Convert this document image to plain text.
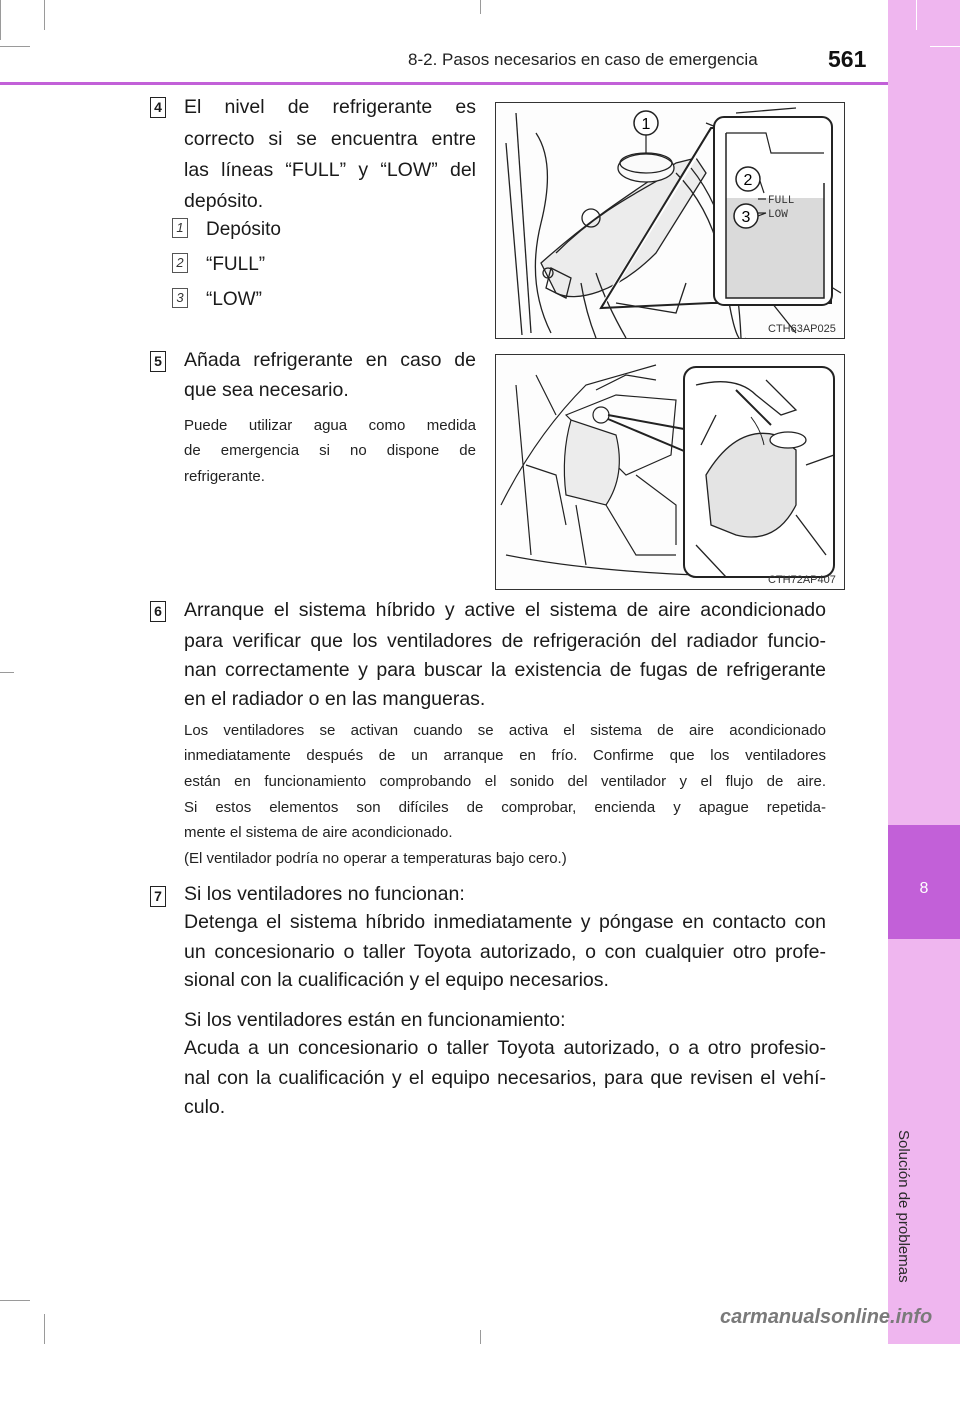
8
Solución de problemas
8-2. Pasos necesarios en caso de emergencia	561
4 El nivel de refrigerante es
correcto si se encuentra entre
las líneas “FULL” y “LOW” del
depósito.
1 Depósito
2 “FULL”
3 “LOW”
FULL
LOW
1
2
3
CTH63AP025
5 Añada refrigerante en caso de
que sea necesario.
Puede utilizar agua como medida
de emergencia si no dispone de
refrigerante.
CTH72AP407
6 Arranque el sistema híbrido y active el sistema de aire acondicionado
para verificar que los ventiladores de refrigeración del radiador funcio-
nan correctamente y para buscar la existencia de fugas de refrigerante
en el radiador o en las mangueras.
Los ventiladores se activan cuando se activa el sistema de aire acondicionado
inmediatamente después de un arranque en frío. Confirme que los ventiladores
están en funcionamiento comprobando el sonido del ventilador y el flujo de aire.
Si estos elementos son difíciles de comprobar, encienda y apague repetida-
mente el sistema de aire acondicionado.
(El ventilador podría no operar a temperaturas bajo cero.)
7 Si los ventiladores no funcionan:
Detenga el sistema híbrido inmediatamente y póngase en contacto con
un concesionario o taller Toyota autorizado, o con cualquier otro profe-
sional con la cualificación y el equipo necesarios.
Si los ventiladores están en funcionamiento:
Acuda a un concesionario o taller Toyota autorizado, o a otro profesio-
nal con la cualificación y el equipo necesarios, para que revisen el vehí-
culo.
carmanualsonline.info
